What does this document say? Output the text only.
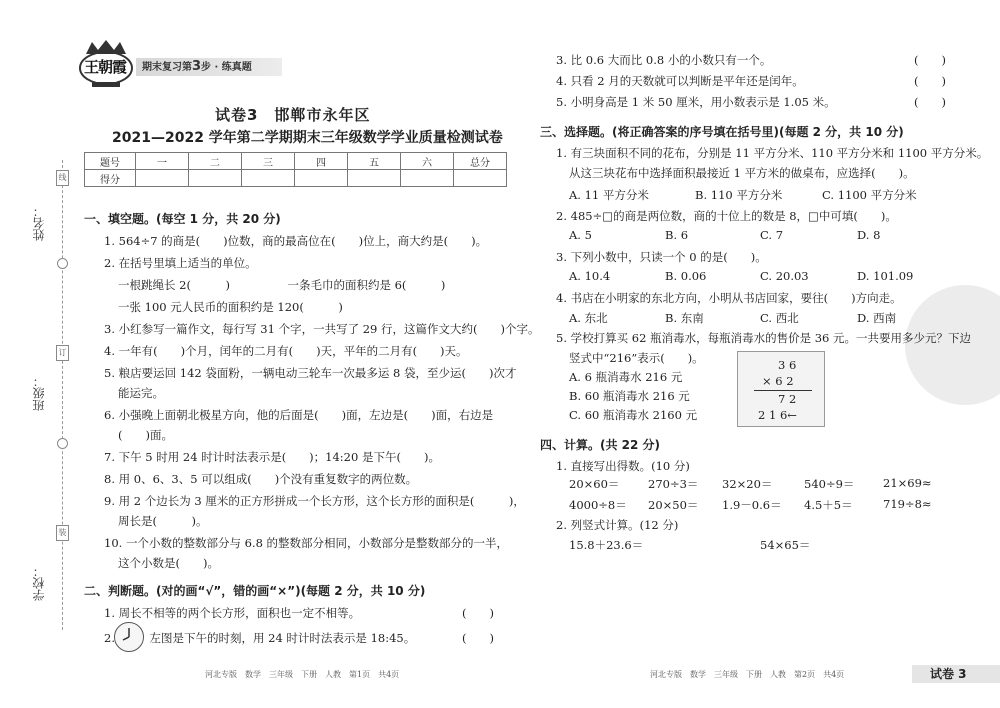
线
订
装
姓名：
班级：
学校：
王朝霞	期末复习第3步 · 练真题
试卷3　邯郸市永年区
2021—2022 学年第二学期期末三年级数学学业质量检测试卷
题号	一	二	三	四	五	六	总分
得分							
一、填空题。(每空 1 分，共 20 分)
1. 564÷7 的商是(　　)位数，商的最高位在(　　)位上，商大约是(　　)。
2. 在括号里填上适当的单位。
一根跳绳长 2(　　　)　　　　　一条毛巾的面积约是 6(　　　)
一张 100 元人民币的面积约是 120(　　　)
3. 小红参写一篇作文，每行写 31 个字，一共写了 29 行，这篇作文大约(　　)个字。
4. 一年有(　　)个月，闰年的二月有(　　)天，平年的二月有(　　)天。
5. 粮店要运回 142 袋面粉，一辆电动三轮车一次最多运 8 袋，至少运(　　)次才
能运完。
6. 小强晚上面朝北极星方向，他的后面是(　　)面，左边是(　　)面，右边是
(　　)面。
7. 下午 5 时用 24 时计时法表示是(　　)；14:20 是下午(　　)。
8. 用 0、6、3、5 可以组成(　　)个没有重复数字的两位数。
9. 用 2 个边长为 3 厘米的正方形拼成一个长方形，这个长方形的面积是(　　　)，
周长是(　　　)。
10. 一个小数的整数部分与 6.8 的整数部分相同，小数部分是整数部分的一半，
这个小数是(　　)。
二、判断题。(对的画“√”，错的画“×”)(每题 2 分，共 10 分)
1. 周长不相等的两个长方形，面积也一定不相等。	(　　)
2.　　　左图是下午的时刻，用 24 时计时法表示是 18:45。	(　　)
河北专版　数学　三年级　下册　人教　第1页　共4页
3. 比 0.6 大而比 0.8 小的小数只有一个。	(　　)
4. 只看 2 月的天数就可以判断是平年还是闰年。	(　　)
5. 小明身高是 1 米 50 厘米，用小数表示是 1.05 米。	(　　)
三、选择题。(将正确答案的序号填在括号里)(每题 2 分，共 10 分)
1. 有三块面积不同的花布，分别是 11 平方分米、110 平方分米和 1100 平方分米。
从这三块花布中选择面积最接近 1 平方米的做桌布，应选择(　　)。
A. 11 平方分米	B. 110 平方分米	C. 1100 平方分米
2. 485÷□的商是两位数，商的十位上的数是 8，□中可填(　　)。
A. 5	B. 6	C. 7	D. 8
3. 下列小数中，只读一个 0 的是(　　)。
A. 10.4	B. 0.06	C. 20.03	D. 101.09
4. 书店在小明家的东北方向，小明从书店回家，要往(　　)方向走。
A. 东北	B. 东南	C. 西北	D. 西南
5. 学校打算买 62 瓶消毒水，每瓶消毒水的售价是 36 元。一共要用多少元？下边
竖式中“216”表示(　　)。
A. 6 瓶消毒水 216 元
B. 60 瓶消毒水 216 元
C. 60 瓶消毒水 2160 元
3 6
× 6 2
7 2
2 1 6←
四、计算。(共 22 分)
1. 直接写出得数。(10 分)
20×60＝ 270÷3＝ 32×20＝	540÷9＝ 21×69≈
4000÷8＝ 20×50＝ 1.9－0.6＝ 4.5＋5＝	719÷8≈
2. 列竖式计算。(12 分)
15.8＋23.6＝	54×65＝
河北专版　数学　三年级　下册　人教　第2页　共4页	试卷 3
